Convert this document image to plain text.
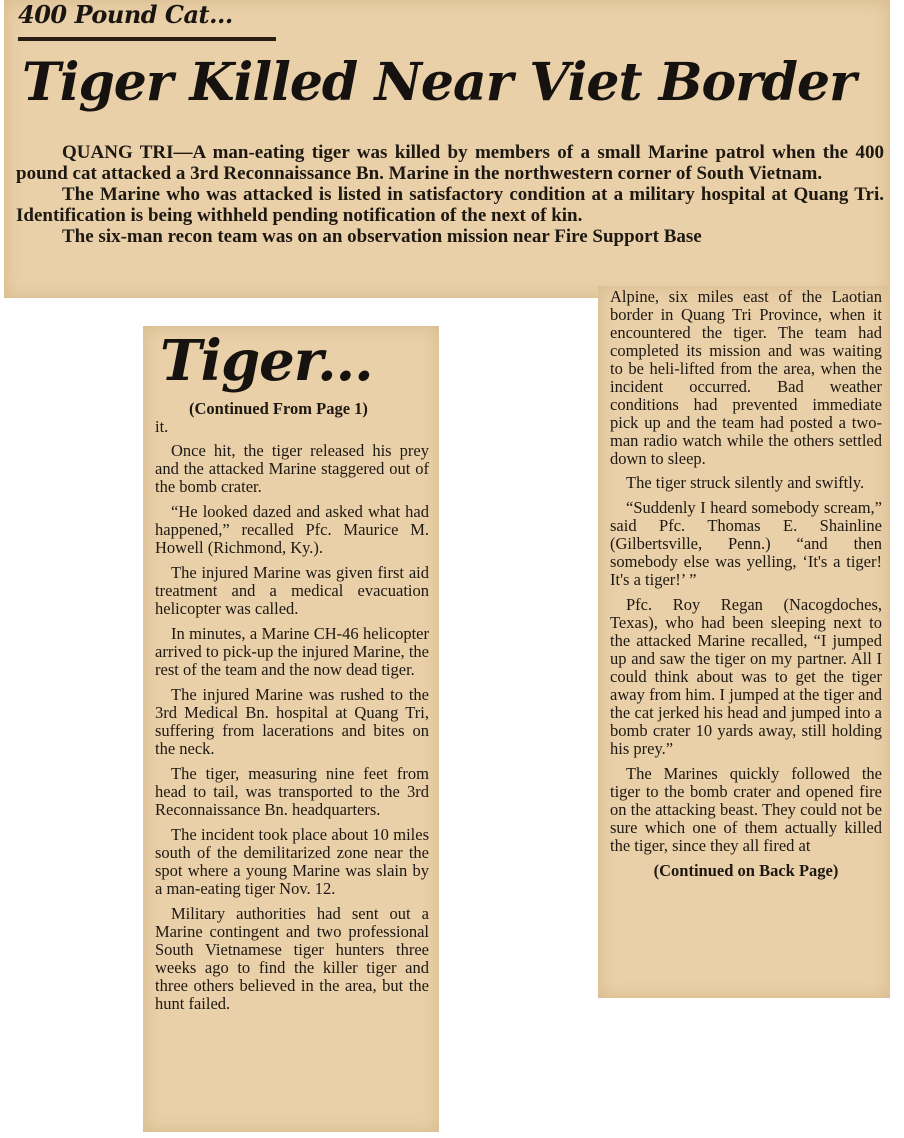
400 Pound Cat...
Tiger Killed Near Viet Border

QUANG TRI—A man-eating tiger was killed by members of a small Marine patrol when the 400 pound cat attacked a 3rd Reconnaissance Bn. Marine in the northwestern corner of South Vietnam.

The Marine who was attacked is listed in satisfactory condition at a military hospital at Quang Tri. Identification is being withheld pending notification of the next of kin.

The six-man recon team was on an observation mission near Fire Support Base

Alpine, six miles east of the Laotian border in Quang Tri Province, when it encountered the tiger. The team had completed its mission and was waiting to be heli-lifted from the area, when the incident occurred. Bad weather conditions had prevented immediate pick up and the team had posted a two-man radio watch while the others settled down to sleep.

The tiger struck silently and swiftly.

“Suddenly I heard somebody scream,” said Pfc. Thomas E. Shainline (Gilbertsville, Penn.) “and then somebody else was yelling, ‘It's a tiger! It's a tiger!’ ”

Pfc. Roy Regan (Nacogdoches, Texas), who had been sleeping next to the attacked Marine recalled, “I jumped up and saw the tiger on my partner. All I could think about was to get the tiger away from him. I jumped at the tiger and the cat jerked his head and jumped into a bomb crater 10 yards away, still holding his prey.”

The Marines quickly followed the tiger to the bomb crater and opened fire on the attacking beast. They could not be sure which one of them actually killed the tiger, since they all fired at

(Continued on Back Page)
Tiger...
(Continued From Page 1)

it.

Once hit, the tiger released his prey and the attacked Marine staggered out of the bomb crater.

“He looked dazed and asked what had happened,” recalled Pfc. Maurice M. Howell (Richmond, Ky.).

The injured Marine was given first aid treatment and a medical evacuation helicopter was called.

In minutes, a Marine CH-46 helicopter arrived to pick-up the injured Marine, the rest of the team and the now dead tiger.

The injured Marine was rushed to the 3rd Medical Bn. hospital at Quang Tri, suffering from lacerations and bites on the neck.

The tiger, measuring nine feet from head to tail, was transported to the 3rd Reconnaissance Bn. headquarters.

The incident took place about 10 miles south of the demilitarized zone near the spot where a young Marine was slain by a man-eating tiger Nov. 12.

Military authorities had sent out a Marine contingent and two professional South Vietnamese tiger hunters three weeks ago to find the killer tiger and three others believed in the area, but the hunt failed.
